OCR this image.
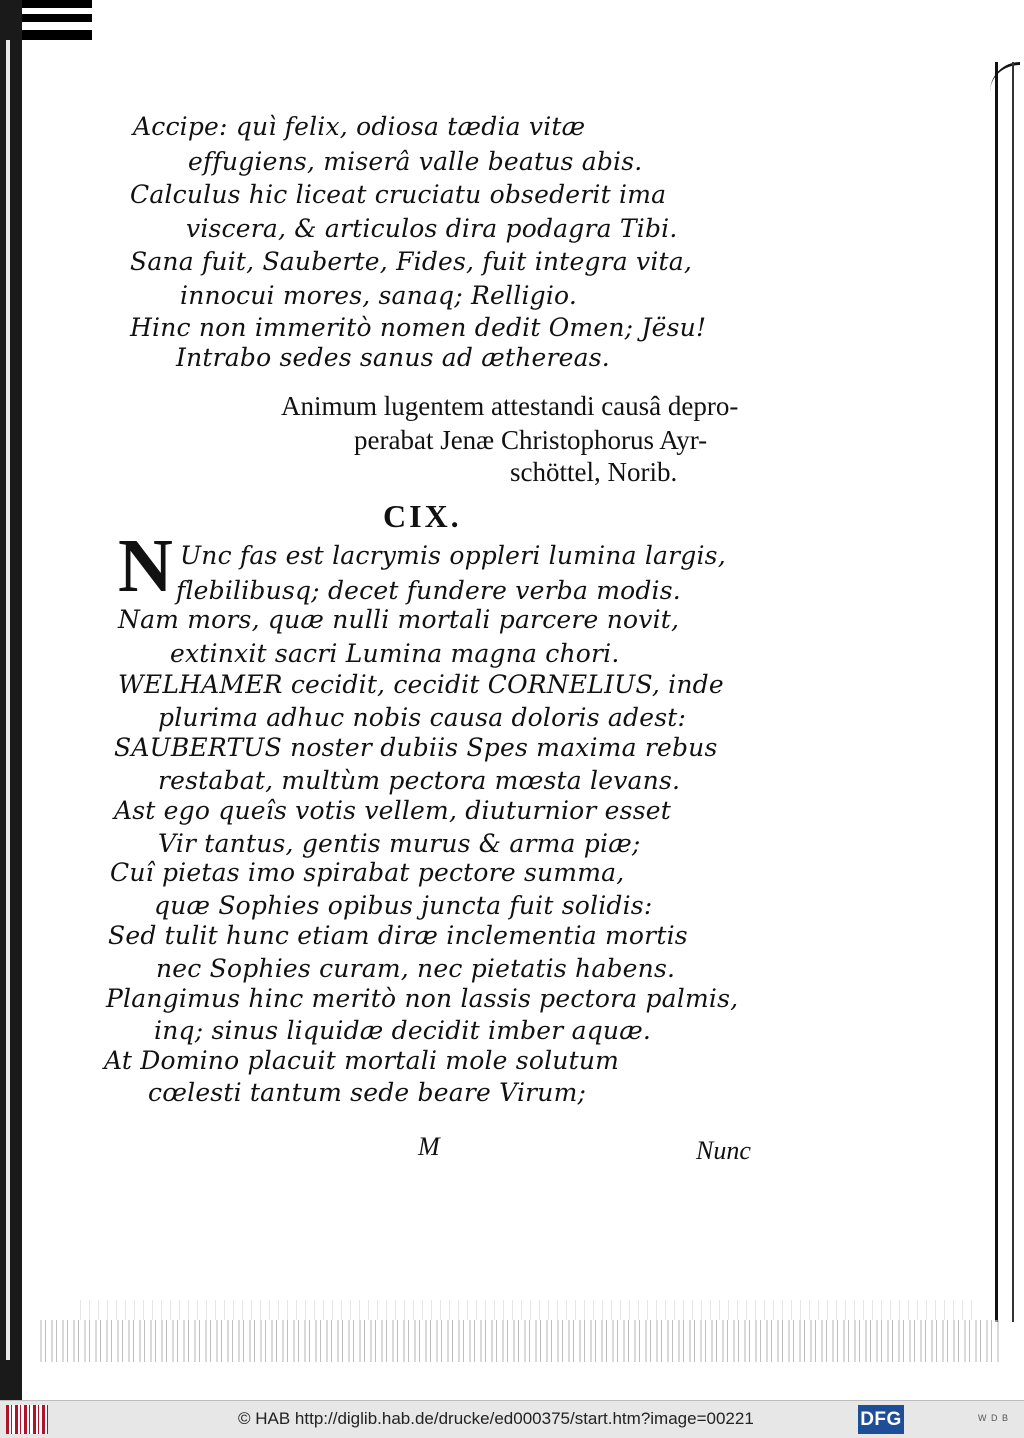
Accipe: quì felix, odiosa tædia vitæ
effugiens, miserâ valle beatus abis.
Calculus hic liceat cruciatu obsederit ima
viscera, & articulos dira podagra Tibi.
Sana fuit, Sauberte, Fides, fuit integra vita,
innocui mores, sanaq; Relligio.
Hinc non immeritò nomen dedit Omen; Jësu!
Intrabo sedes sanus ad æthereas.
Animum lugentem attestandi causâ depro-
perabat Jenæ Christophorus Ayr-
schöttel, Norib.
CIX.
N Unc fas est lacrymis oppleri lumina largis,
flebilibusq; decet fundere verba modis.
Nam mors, quæ nulli mortali parcere novit,
extinxit sacri Lumina magna chori.
WELHAMER cecidit, cecidit CORNELIUS, inde
plurima adhuc nobis causa doloris adest:
SAUBERTUS noster dubiis Spes maxima rebus
restabat, multùm pectora mœsta levans.
Ast ego queîs votis vellem, diuturnior esset
Vir tantus, gentis murus & arma piæ;
Cuî pietas imo spirabat pectore summa,
quæ Sophies opibus juncta fuit solidis:
Sed tulit hunc etiam diræ inclementia mortis
nec Sophies curam, nec pietatis habens.
Plangimus hinc meritò non lassis pectora palmis,
inq; sinus liquidæ decidit imber aquæ.
At Domino placuit mortali mole solutum
cœlesti tantum sede beare Virum;
M	Nunc
© HAB http://diglib.hab.de/drucke/ed000375/start.htm?image=00221	DFG	W D B
